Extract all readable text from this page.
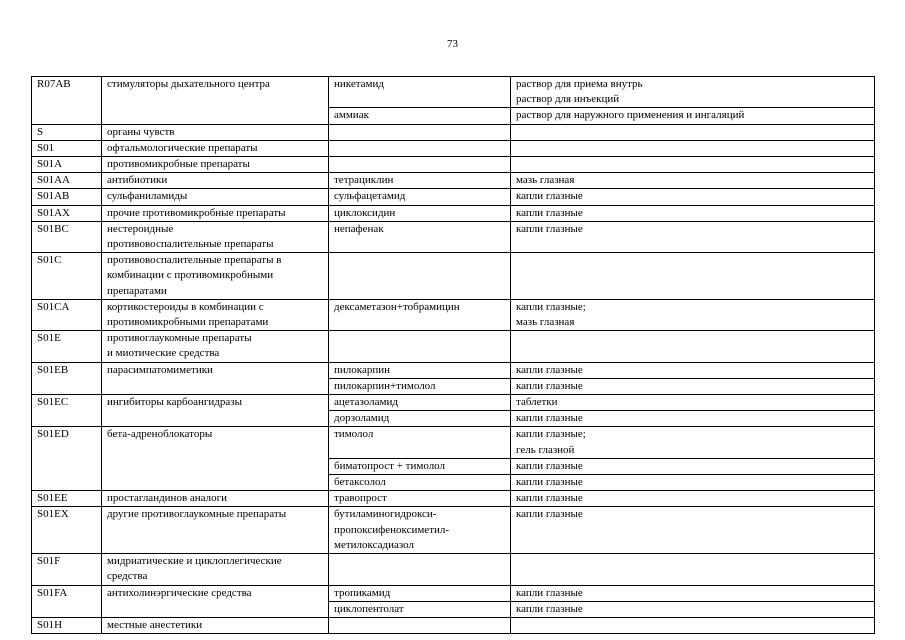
73
R07AB	стимуляторы дыхательного центра	никетамид	раствор для приема внутрь
раствор для инъекций
		аммиак	раствор для наружного применения и ингаляций
S	органы чувств		
S01	офтальмологические препараты		
S01A	противомикробные препараты		
S01AA	антибиотики	тетрациклин	мазь глазная
S01AB	сульфаниламиды	сульфацетамид	капли глазные
S01AX	прочие противомикробные препараты	циклоксидин	капли глазные
S01BC	нестероидные
противовоспалительные препараты	непафенак	капли глазные
S01C	противовоспалительные препараты в
комбинации с противомикробными
препаратами		
S01CA	кортикостероиды в комбинации с
противомикробными препаратами	дексаметазон+тобрамицин	капли глазные;
мазь глазная
S01E	противоглаукомные препараты
и миотические средства		
S01EB	парасимпатомиметики	пилокарпин	капли глазные
		пилокарпин+тимолол	капли глазные
S01EC	ингибиторы карбоангидразы	ацетазоламид	таблетки
		дорзоламид	капли глазные
S01ED	бета-адреноблокаторы	тимолол	капли глазные;
гель глазной
		биматопрост + тимолол	капли глазные
		бетаксолол	капли глазные
S01EE	простагландинов аналоги	травопрост	капли глазные
S01EX	другие противоглаукомные препараты	бутиламиногидрокси-
пропоксифеноксиметил-
метилоксадиазол	капли глазные
S01F	мидриатические и циклоплегические
средства		
S01FA	антихолинэргические средства	тропикамид	капли глазные
		циклопентолат	капли глазные
S01H	местные анестетики		
